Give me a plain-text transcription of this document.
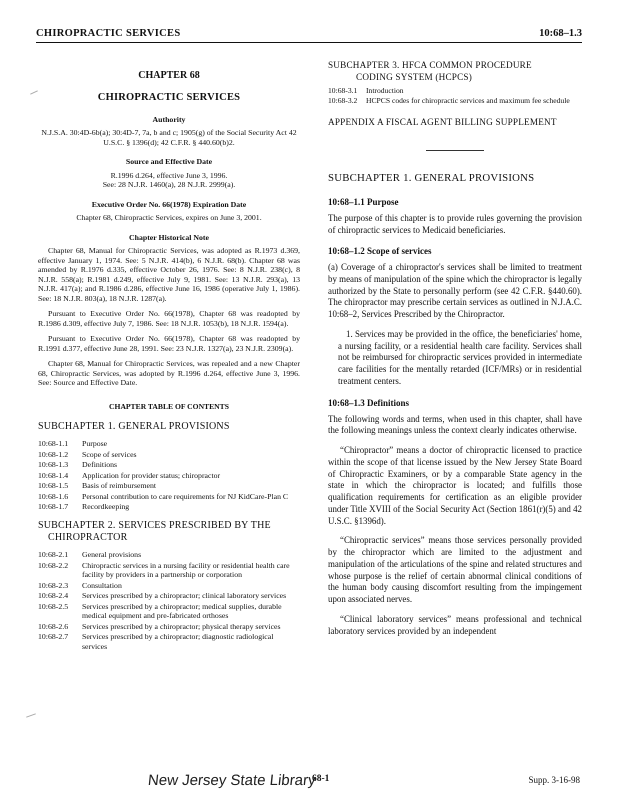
CHIROPRACTIC SERVICES	10:68–1.3
CHAPTER 68
CHIROPRACTIC SERVICES
Authority
N.J.S.A. 30:4D-6b(a); 30:4D-7, 7a, b and c; 1905(g) of the Social Security Act 42 U.S.C. § 1396(d); 42 C.F.R. § 440.60(b)2.
Source and Effective Date
R.1996 d.264, effective June 3, 1996.
See: 28 N.J.R. 1460(a), 28 N.J.R. 2999(a).
Executive Order No. 66(1978) Expiration Date
Chapter 68, Chiropractic Services, expires on June 3, 2001.
Chapter Historical Note
Chapter 68, Manual for Chiropractic Services, was adopted as R.1973 d.369, effective January 1, 1974. See: 5 N.J.R. 414(b), 6 N.J.R. 68(b). Chapter 68 was amended by R.1976 d.335, effective October 26, 1976. See: 8 N.J.R. 238(c), 8 N.J.R. 558(a); R.1981 d.249, effective July 9, 1981. See: 13 N.J.R. 293(a), 13 N.J.R. 417(a); and R.1986 d.286, effective June 16, 1986 (operative July 1, 1986). See: 18 N.J.R. 803(a), 18 N.J.R. 1287(a).
Pursuant to Executive Order No. 66(1978), Chapter 68 was readopted by R.1986 d.309, effective July 7, 1986. See: 18 N.J.R. 1053(b), 18 N.J.R. 1594(a).
Pursuant to Executive Order No. 66(1978), Chapter 68 was readopted by R.1991 d.377, effective June 28, 1991. See: 23 N.J.R. 1327(a), 23 N.J.R. 2309(a).
Chapter 68, Manual for Chiropractic Services, was repealed and a new Chapter 68, Chiropractic Services, was adopted by R.1996 d.264, effective June 3, 1996. See: Source and Effective Date.
CHAPTER TABLE OF CONTENTS
SUBCHAPTER 1. GENERAL PROVISIONS
10:68-1.1	Purpose
10:68-1.2	Scope of services
10:68-1.3	Definitions
10:68-1.4	Application for provider status; chiropractor
10:68-1.5	Basis of reimbursement
10:68-1.6	Personal contribution to care requirements for NJ KidCare-Plan C
10:68-1.7	Recordkeeping
SUBCHAPTER 2. SERVICES PRESCRIBED BY THE
CHIROPRACTOR
10:68-2.1	General provisions
10:68-2.2	Chiropractic services in a nursing facility or residential health care facility by providers in a partnership or corporation
10:68-2.3	Consultation
10:68-2.4	Services prescribed by a chiropractor; clinical laboratory services
10:68-2.5	Services prescribed by a chiropractor; medical supplies, durable medical equipment and pre-fabricated orthoses
10:68-2.6	Services prescribed by a chiropractor; physical therapy services
10:68-2.7	Services prescribed by a chiropractor; diagnostic radiological services
SUBCHAPTER 3. HFCA COMMON PROCEDURE
CODING SYSTEM (HCPCS)
10:68-3.1	Introduction
10:68-3.2	HCPCS codes for chiropractic services and maximum fee schedule
APPENDIX A FISCAL AGENT BILLING SUPPLEMENT
SUBCHAPTER 1. GENERAL PROVISIONS
10:68–1.1 Purpose
The purpose of this chapter is to provide rules governing the provision of chiropractic services to Medicaid beneficiaries.
10:68–1.2 Scope of services
(a) Coverage of a chiropractor's services shall be limited to treatment by means of manipulation of the spine which the chiropractor is legally authorized by the State to personally perform (see 42 C.F.R. §440.60). The chiropractor may prescribe certain services as outlined in N.J.A.C. 10:68–2, Services Prescribed by the Chiropractor.
1. Services may be provided in the office, the beneficiaries' home, a nursing facility, or a residential health care facility. Services shall not be reimbursed for chiropractic services provided in intermediate care facilities for the mentally retarded (ICF/MRs) or in residential treatment centers.
10:68–1.3 Definitions
The following words and terms, when used in this chapter, shall have the following meanings unless the context clearly indicates otherwise.
“Chiropractor” means a doctor of chiropractic licensed to practice within the scope of that license issued by the New Jersey State Board of Chiropractic Examiners, or by a comparable State agency in the state in which the chiropractor is located; and fulfills those qualification requirements for certification as an eligible provider under Title XVIII of the Social Security Act (Section 1861(r)(5) and 42 U.S.C. §1396d).
“Chiropractic services” means those services personally provided by the chiropractor which are limited to the adjustment and manipulation of the articulations of the spine and related structures and whose purpose is the relief of certain abnormal clinical conditions of the human body causing discomfort resulting from the impingement upon associated nerves.
“Clinical laboratory services” means professional and technical laboratory services provided by an independent
New Jersey State Library
68-1	Supp. 3-16-98
